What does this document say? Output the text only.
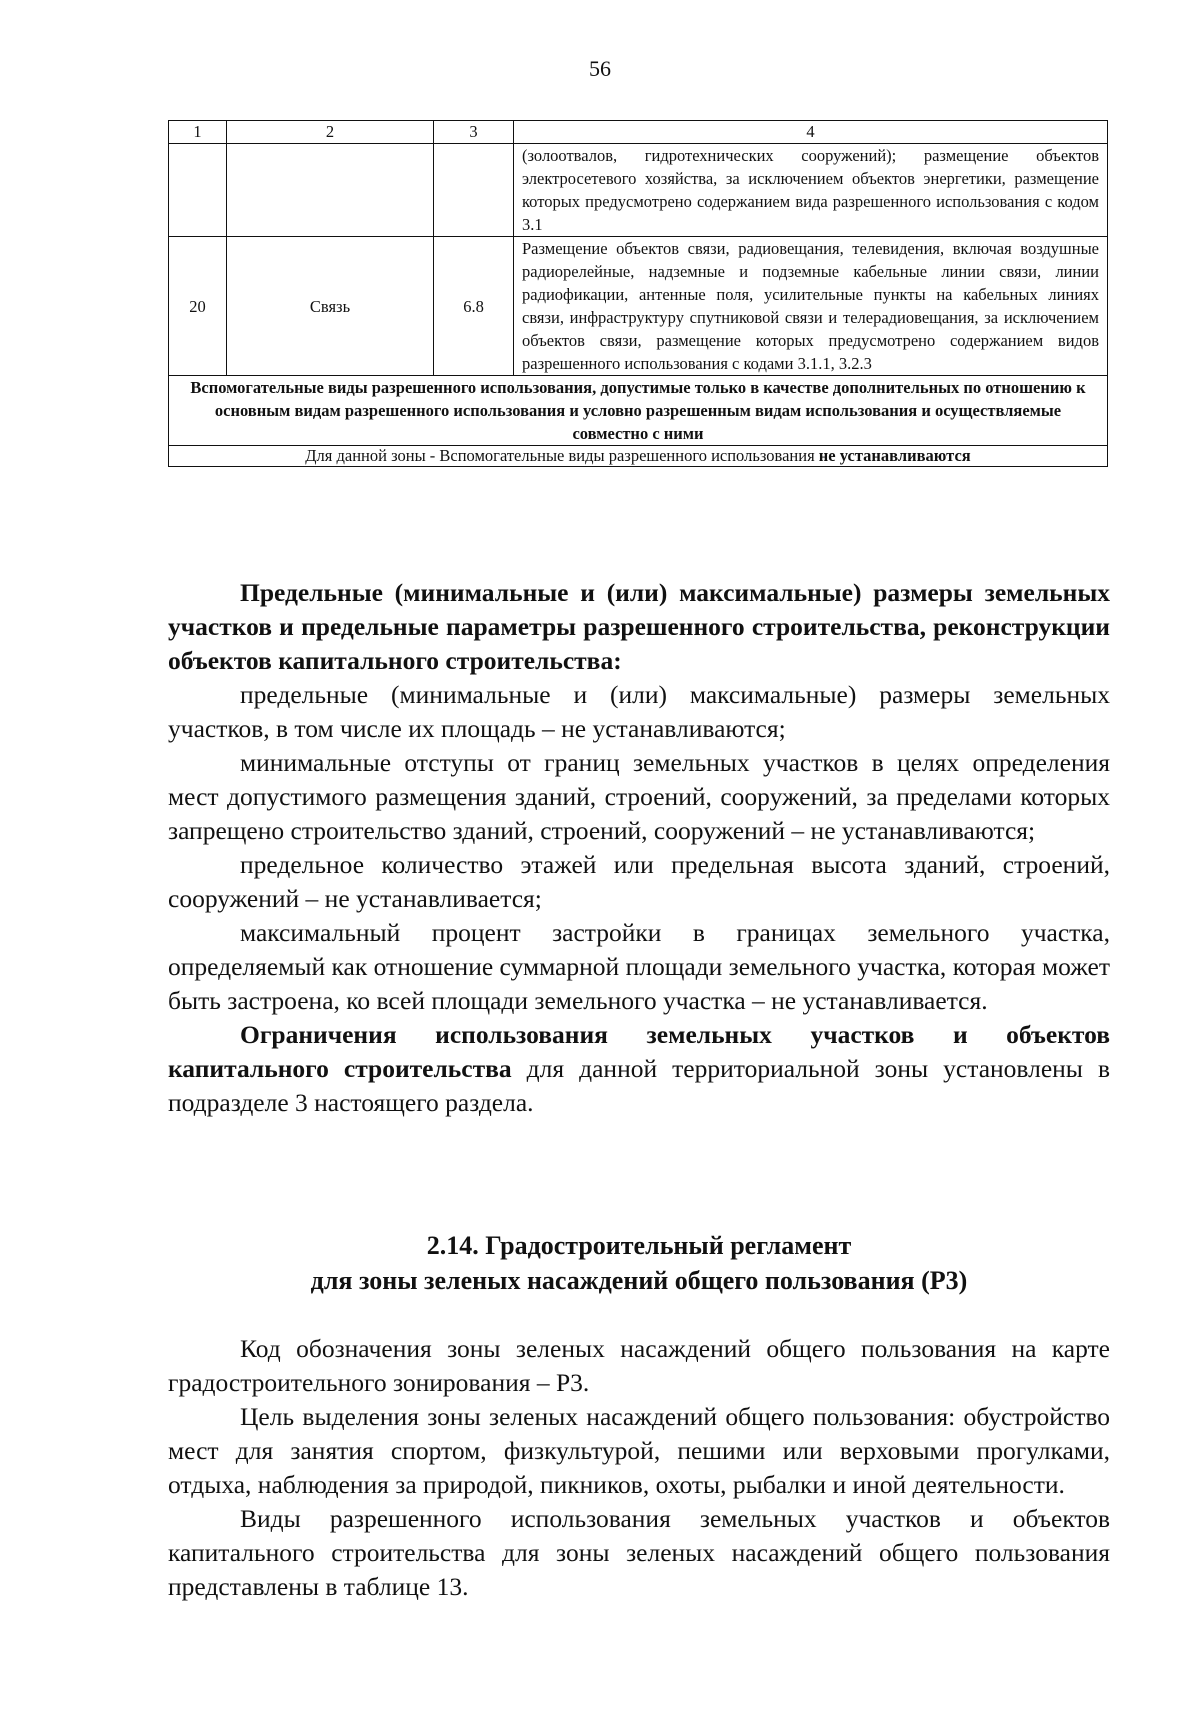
56
1	2	3	4
			(золоотвалов, гидротехнических сооружений); размещение объектов электросетевого хозяйства, за исключением объектов энергетики, размещение которых предусмотрено содержанием вида разрешенного использования с кодом 3.1
20	Связь	6.8	Размещение объектов связи, радиовещания, телевидения, включая воздушные радиорелейные, надземные и подземные кабельные линии связи, линии радиофикации, антенные поля, усилительные пункты на кабельных линиях связи, инфраструктуру спутниковой связи и телерадиовещания, за исключением объектов связи, размещение которых предусмотрено содержанием видов разрешенного использования с кодами 3.1.1, 3.2.3
Вспомогательные виды разрешенного использования, допустимые только в качестве дополнительных по отношению к основным видам разрешенного использования и условно разрешенным видам использования и осуществляемые совместно с ними			
Для данной зоны - Вспомогательные виды разрешенного использования не устанавливаются			

Предельные (минимальные и (или) максимальные) размеры земельных участков и предельные параметры разрешенного строительства, реконструкции объектов капитального строительства:

предельные (минимальные и (или) максимальные) размеры земельных участков, в том числе их площадь – не устанавливаются;

минимальные отступы от границ земельных участков в целях определения мест допустимого размещения зданий, строений, сооружений, за пределами которых запрещено строительство зданий, строений, сооружений – не устанавливаются;

предельное количество этажей или предельная высота зданий, строений, сооружений – не устанавливается;

максимальный процент застройки в границах земельного участка, определяемый как отношение суммарной площади земельного участка, которая может быть застроена, ко всей площади земельного участка – не устанавливается.

Ограничения использования земельных участков и объектов капитального строительства для данной территориальной зоны установлены в подразделе 3 настоящего раздела.

2.14. Градостроительный регламент
для зоны зеленых насаждений общего пользования (Р3)

Код обозначения зоны зеленых насаждений общего пользования на карте градостроительного зонирования – Р3.

Цель выделения зоны зеленых насаждений общего пользования: обустройство мест для занятия спортом, физкультурой, пешими или верховыми прогулками, отдыха, наблюдения за природой, пикников, охоты, рыбалки и иной деятельности.

Виды разрешенного использования земельных участков и объектов капитального строительства для зоны зеленых насаждений общего пользования представлены в таблице 13.
